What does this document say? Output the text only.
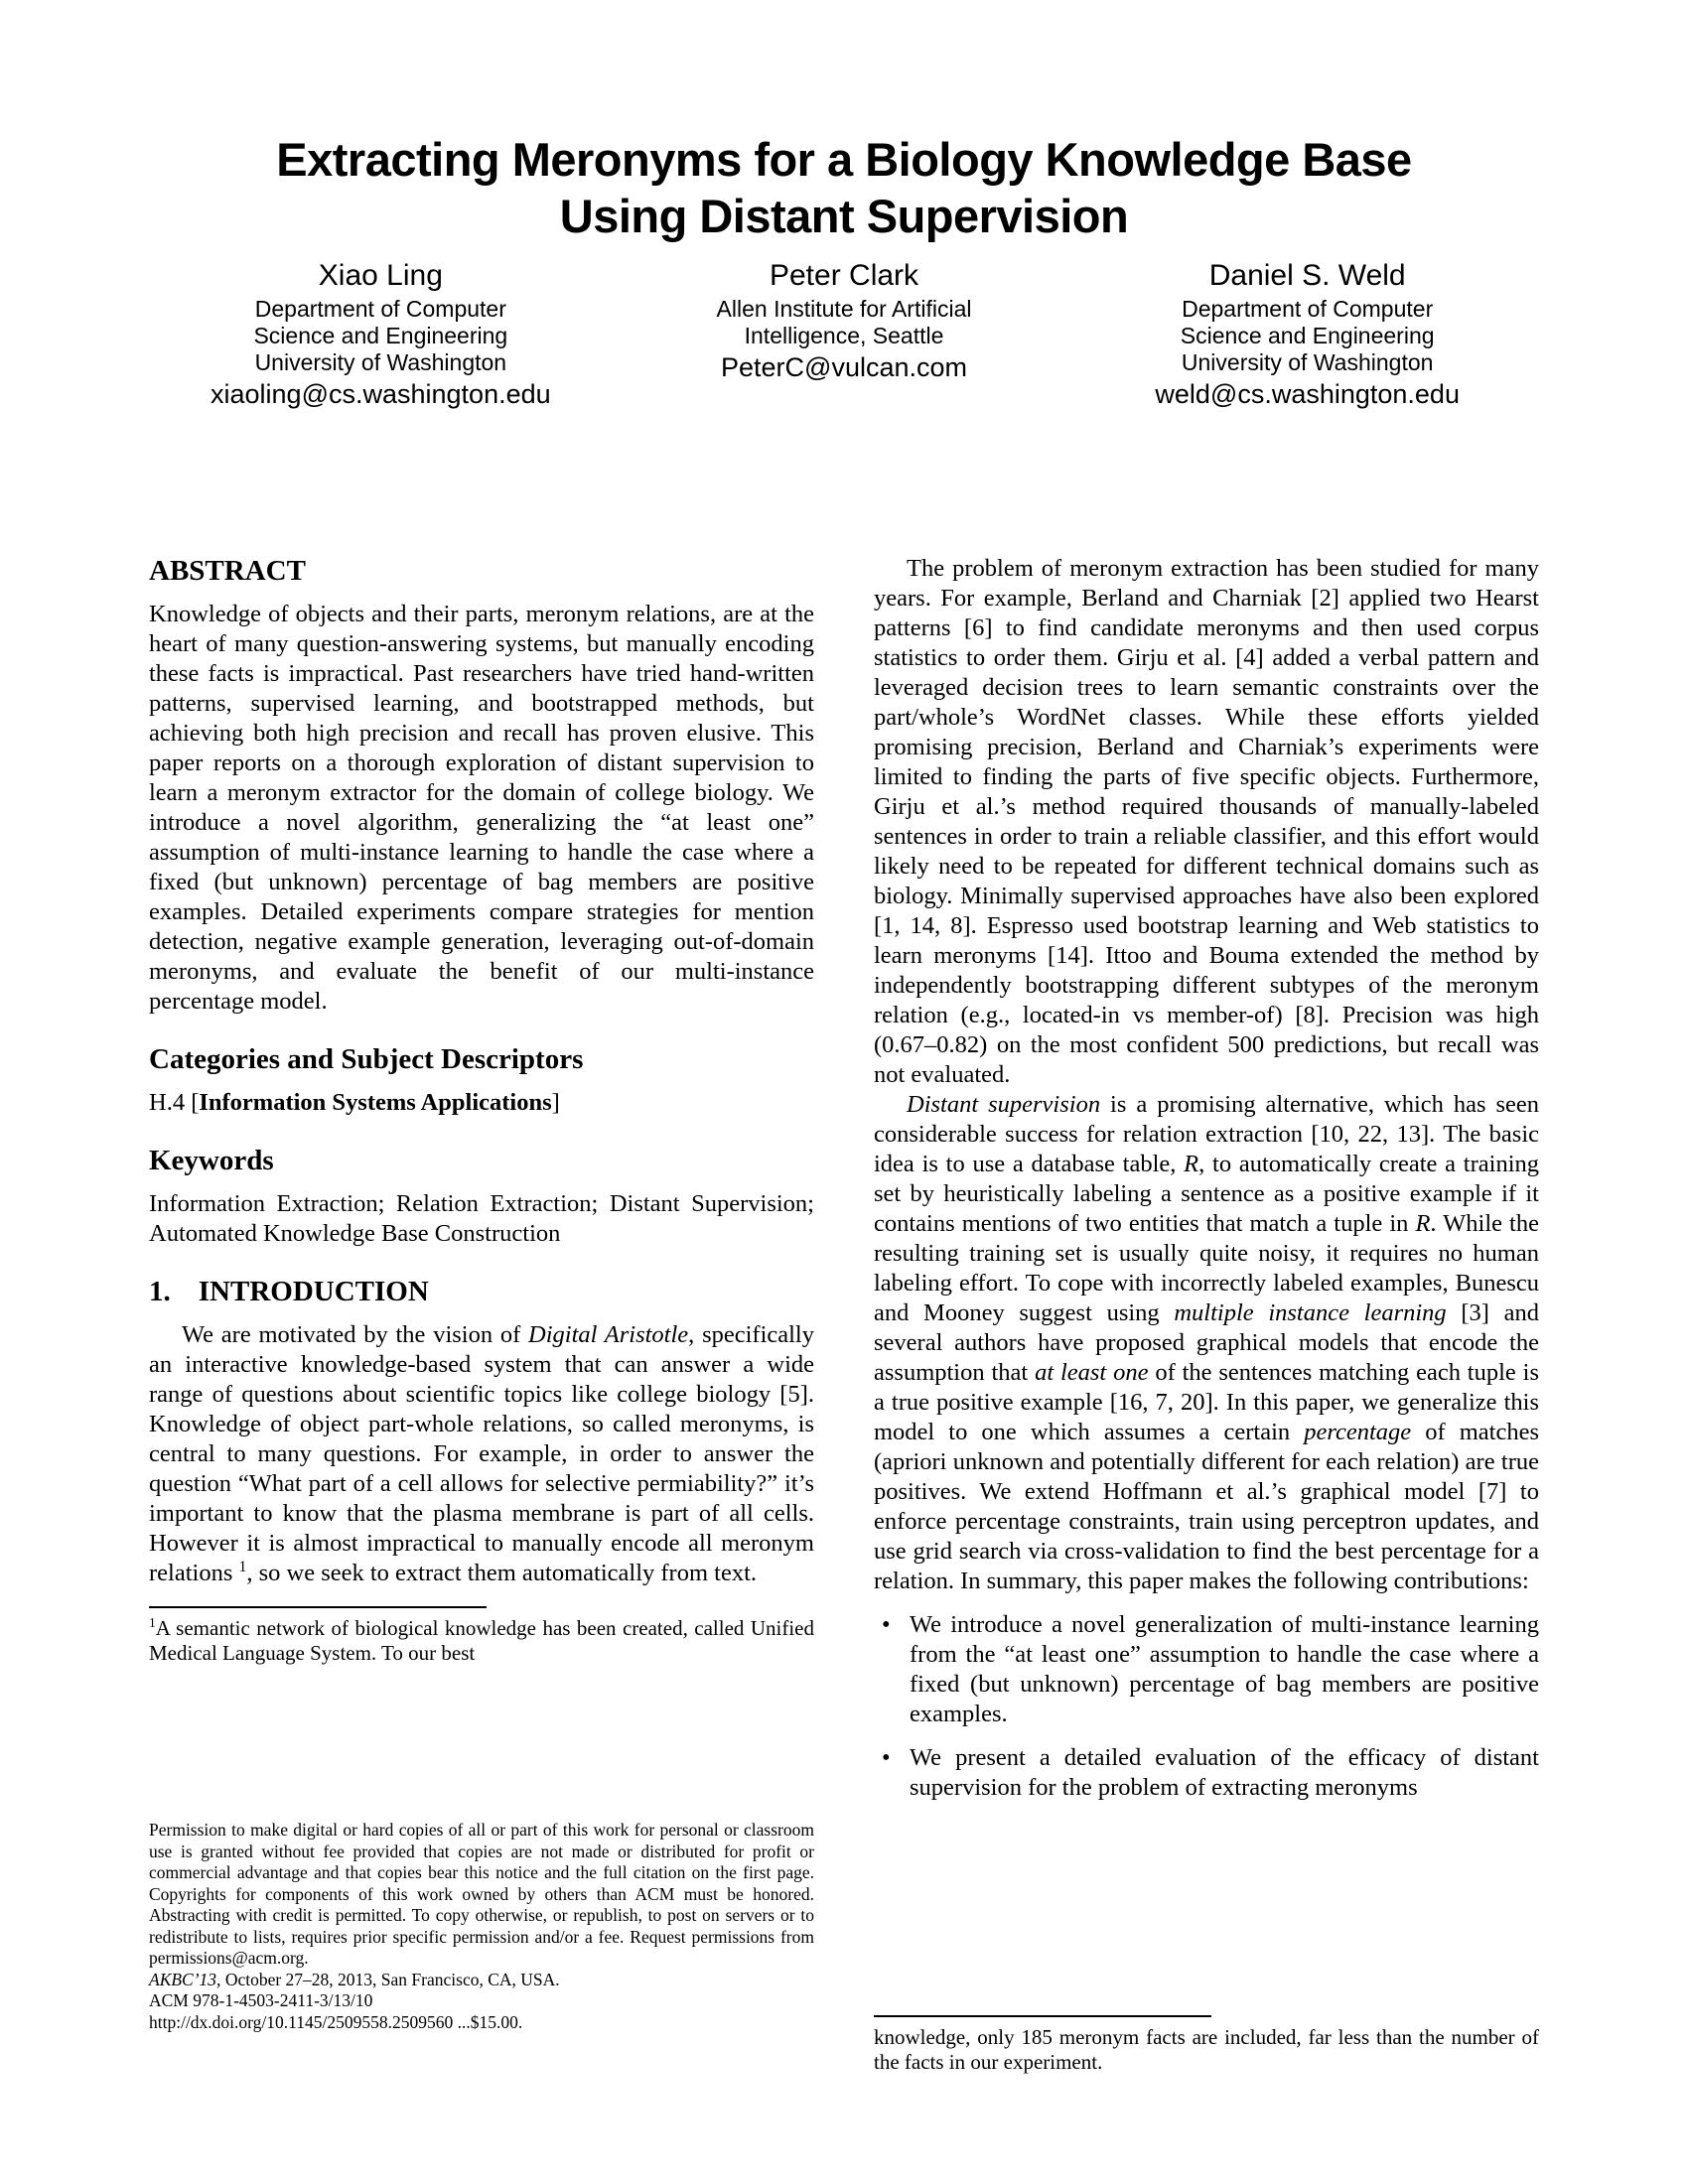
Extracting Meronyms for a Biology Knowledge Base
Using Distant Supervision
Xiao Ling
Department of Computer
Science and Engineering
University of Washington
xiaoling@cs.washington.edu
Peter Clark
Allen Institute for Artificial
Intelligence, Seattle
PeterC@vulcan.com
Daniel S. Weld
Department of Computer
Science and Engineering
University of Washington
weld@cs.washington.edu
ABSTRACT

Knowledge of objects and their parts, meronym relations, are at the heart of many question-answering systems, but manually encoding these facts is impractical. Past researchers have tried hand-written patterns, supervised learning, and bootstrapped methods, but achieving both high precision and recall has proven elusive. This paper reports on a thorough exploration of distant supervision to learn a meronym extractor for the domain of college biology. We introduce a novel algorithm, generalizing the “at least one” assumption of multi-instance learning to handle the case where a fixed (but unknown) percentage of bag members are positive examples. Detailed experiments compare strategies for mention detection, negative example generation, leveraging out-of-domain meronyms, and evaluate the benefit of our multi-instance percentage model.

Categories and Subject Descriptors

H.4 [Information Systems Applications]

Keywords

Information Extraction; Relation Extraction; Distant Supervision; Automated Knowledge Base Construction

1. INTRODUCTION

We are motivated by the vision of Digital Aristotle, specifically an interactive knowledge-based system that can answer a wide range of questions about scientific topics like college biology [5]. Knowledge of object part-whole relations, so called meronyms, is central to many questions. For example, in order to answer the question “What part of a cell allows for selective permiability?” it’s important to know that the plasma membrane is part of all cells. However it is almost impractical to manually encode all meronym relations $^1$, so we seek to extract them automatically from text.

$^1$A semantic network of biological knowledge has been created, called Unified Medical Language System. To our best
Permission to make digital or hard copies of all or part of this work for personal or classroom use is granted without fee provided that copies are not made or distributed for profit or commercial advantage and that copies bear this notice and the full citation on the first page. Copyrights for components of this work owned by others than ACM must be honored. Abstracting with credit is permitted. To copy otherwise, or republish, to post on servers or to redistribute to lists, requires prior specific permission and/or a fee. Request permissions from permissions@acm.org.
AKBC’13, October 27–28, 2013, San Francisco, CA, USA.
ACM 978-1-4503-2411-3/13/10
http://dx.doi.org/10.1145/2509558.2509560 ...$15.00.

The problem of meronym extraction has been studied for many years. For example, Berland and Charniak [2] applied two Hearst patterns [6] to find candidate meronyms and then used corpus statistics to order them. Girju et al. [4] added a verbal pattern and leveraged decision trees to learn semantic constraints over the part/whole’s WordNet classes. While these efforts yielded promising precision, Berland and Charniak’s experiments were limited to finding the parts of five specific objects. Furthermore, Girju et al.’s method required thousands of manually-labeled sentences in order to train a reliable classifier, and this effort would likely need to be repeated for different technical domains such as biology. Minimally supervised approaches have also been explored [1, 14, 8]. Espresso used bootstrap learning and Web statistics to learn meronyms [14]. Ittoo and Bouma extended the method by independently bootstrapping different subtypes of the meronym relation (e.g., located-in vs member-of) [8]. Precision was high (0.67–0.82) on the most confident 500 predictions, but recall was not evaluated.

Distant supervision is a promising alternative, which has seen considerable success for relation extraction [10, 22, 13]. The basic idea is to use a database table, R, to automatically create a training set by heuristically labeling a sentence as a positive example if it contains mentions of two entities that match a tuple in R. While the resulting training set is usually quite noisy, it requires no human labeling effort. To cope with incorrectly labeled examples, Bunescu and Mooney suggest using multiple instance learning [3] and several authors have proposed graphical models that encode the assumption that at least one of the sentences matching each tuple is a true positive example [16, 7, 20]. In this paper, we generalize this model to one which assumes a certain percentage of matches (apriori unknown and potentially different for each relation) are true positives. We extend Hoffmann et al.’s graphical model [7] to enforce percentage constraints, train using perceptron updates, and use grid search via cross-validation to find the best percentage for a relation. In summary, this paper makes the following contributions:

• We introduce a novel generalization of multi-instance learning from the “at least one” assumption to handle the case where a fixed (but unknown) percentage of bag members are positive examples.
• We present a detailed evaluation of the efficacy of distant supervision for the problem of extracting meronyms
knowledge, only 185 meronym facts are included, far less than the number of the facts in our experiment.
